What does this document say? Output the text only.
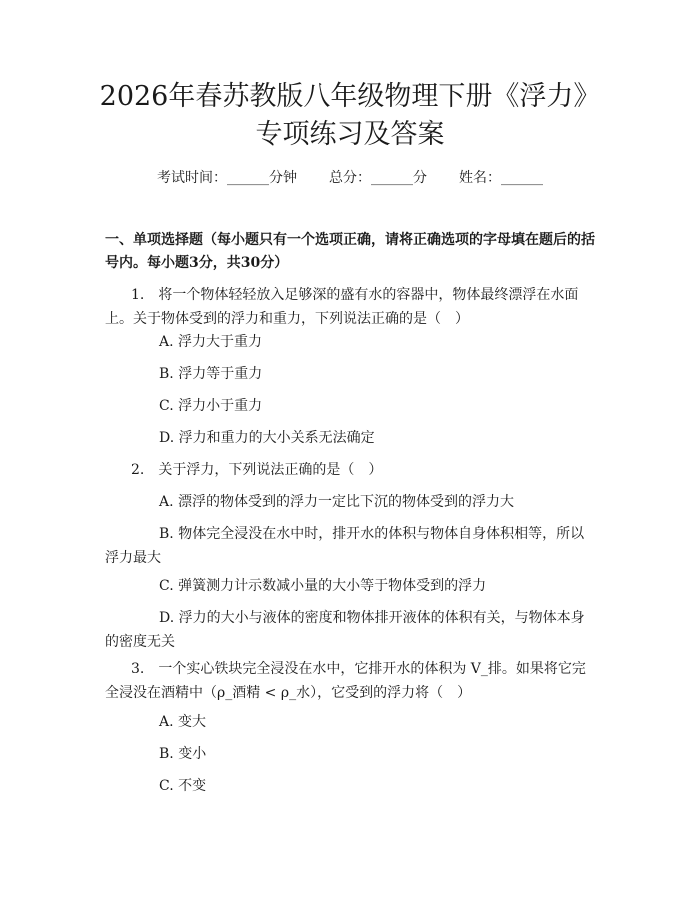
2026年春苏教版八年级物理下册《浮力》专项练习及答案
考试时间：______分钟 总分：______分 姓名：______

一、单项选择题（每小题只有一个选项正确，请将正确选项的字母填在题后的括号内。每小题3分，共30分）

1.　将一个物体轻轻放入足够深的盛有水的容器中，物体最终漂浮在水面上。关于物体受到的浮力和重力，下列说法正确的是（　）

A. 浮力大于重力

B. 浮力等于重力

C. 浮力小于重力

D. 浮力和重力的大小关系无法确定

2.　关于浮力，下列说法正确的是（　）

A. 漂浮的物体受到的浮力一定比下沉的物体受到的浮力大

B. 物体完全浸没在水中时，排开水的体积与物体自身体积相等，所以浮力最大

C. 弹簧测力计示数减小量的大小等于物体受到的浮力

D. 浮力的大小与液体的密度和物体排开液体的体积有关，与物体本身的密度无关

3.　一个实心铁块完全浸没在水中，它排开水的体积为 V_排。如果将它完全浸没在酒精中（ρ_酒精 < ρ_水），它受到的浮力将（　）

A. 变大

B. 变小

C. 不变
